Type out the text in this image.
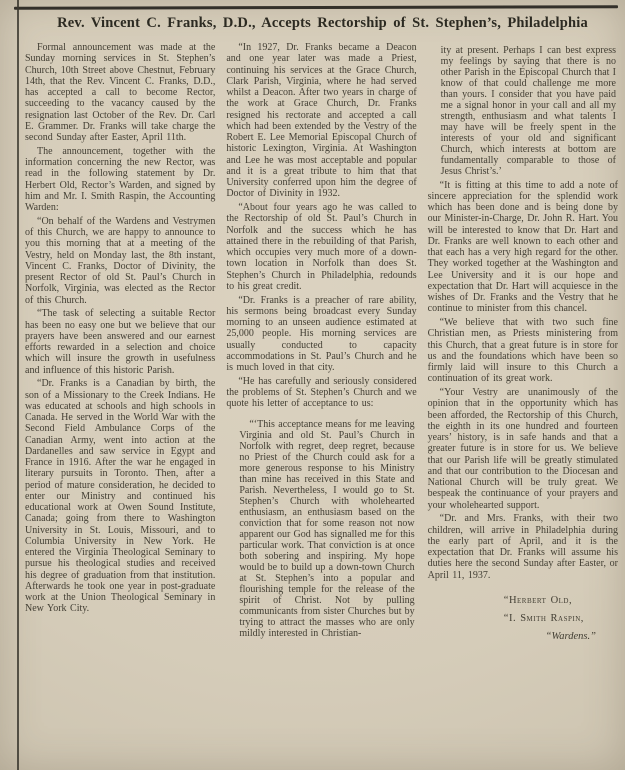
Rev. Vincent C. Franks, D.D., Accepts Rectorship of St. Stephen’s, Philadelphia

Formal announcement was made at the Sunday morning services in St. Stephen’s Church, 10th Street above Chestnut, February 14th, that the Rev. Vincent C. Franks, D.D., has accepted a call to become Rector, succeeding to the vacancy caused by the resignation last October of the Rev. Dr. Carl E. Grammer. Dr. Franks will take charge the second Sunday after Easter, April 11th.

The announcement, together with the information concerning the new Rector, was read in the following statement by Dr. Herbert Old, Rector’s Warden, and signed by him and Mr. I. Smith Raspin, the Accounting Warden:

“On behalf of the Wardens and Vestrymen of this Church, we are happy to announce to you this morning that at a meeting of the Vestry, held on Monday last, the 8th instant, Vincent C. Franks, Doctor of Divinity, the present Rector of old St. Paul’s Church in Norfolk, Virginia, was elected as the Rector of this Church.

“The task of selecting a suitable Rector has been no easy one but we believe that our prayers have been answered and our earnest efforts rewarded in a selection and choice which will insure the growth in usefulness and influence of this historic Parish.

“Dr. Franks is a Canadian by birth, the son of a Missionary to the Creek Indians. He was educated at schools and high schools in Canada. He served in the World War with the Second Field Ambulance Corps of the Canadian Army, went into action at the Dardanelles and saw service in Egypt and France in 1916. After the war he engaged in literary pursuits in Toronto. Then, after a period of mature consideration, he decided to enter our Ministry and continued his educational work at Owen Sound Institute, Canada; going from there to Washington University in St. Louis, Missouri, and to Columbia University in New York. He entered the Virginia Theological Seminary to pursue his theological studies and received his degree of graduation from that institution. Afterwards he took one year in post-graduate work at the Union Theological Seminary in New York City.

“In 1927, Dr. Franks became a Deacon and one year later was made a Priest, continuing his services at the Grace Church, Clark Parish, Virginia, where he had served whilst a Deacon. After two years in charge of the work at Grace Church, Dr. Franks resigned his rectorate and accepted a call which had been extended by the Vestry of the Robert E. Lee Memorial Episcopal Church of historic Lexington, Virginia. At Washington and Lee he was most acceptable and popular and it is a great tribute to him that that University conferred upon him the degree of Doctor of Divinity in 1932.

“About four years ago he was called to the Rectorship of old St. Paul’s Church in Norfolk and the success which he has attained there in the rebuilding of that Parish, which occupies very much more of a down-town location in Norfolk than does St. Stephen’s Church in Philadelphia, redounds to his great credit.

“Dr. Franks is a preacher of rare ability, his sermons being broadcast every Sunday morning to an unseen audience estimated at 25,000 people. His morning services are usually conducted to capacity accommodations in St. Paul’s Church and he is much loved in that city.

“He has carefully and seriously considered the problems of St. Stephen’s Church and we quote his letter of acceptance to us:

“‘This acceptance means for me leaving Virginia and old St. Paul’s Church in Norfolk with regret, deep regret, because no Priest of the Church could ask for a more generous response to his Ministry than mine has received in this State and Parish. Nevertheless, I would go to St. Stephen’s Church with wholehearted enthusiasm, an enthusiasm based on the conviction that for some reason not now apparent our God has signalled me for this particular work. That conviction is at once both sobering and inspiring. My hope would be to build up a down-town Church at St. Stephen’s into a popular and flourishing temple for the release of the spirit of Christ. Not by pulling communicants from sister Churches but by trying to attract the masses who are only mildly interested in Christian-

ity at present. Perhaps I can best express my feelings by saying that there is no other Parish in the Episcopal Church that I know of that could challenge me more than yours. I consider that you have paid me a signal honor in your call and all my strength, enthusiasm and what talents I may have will be freely spent in the interests of your old and significant Church, which interests at bottom are fundamentally comparable to those of Jesus Christ’s.’

“It is fitting at this time to add a note of sincere appreciation for the splendid work which has been done and is being done by our Minister-in-Charge, Dr. John R. Hart. You will be interested to know that Dr. Hart and Dr. Franks are well known to each other and that each has a very high regard for the other. They worked together at the Washington and Lee University and it is our hope and expectation that Dr. Hart will acquiesce in the wishes of Dr. Franks and the Vestry that he continue to minister from this chancel.

“We believe that with two such fine Christian men, as Priests ministering from this Church, that a great future is in store for us and the foundations which have been so firmly laid will insure to this Church a continuation of its great work.

“Your Vestry are unanimously of the opinion that in the opportunity which has been afforded, the Rectorship of this Church, the eighth in its one hundred and fourteen years’ history, is in safe hands and that a greater future is in store for us. We believe that our Parish life will be greatly stimulated and that our contribution to the Diocesan and National Church will be truly great. We bespeak the continuance of your prayers and your wholehearted support.

“Dr. and Mrs. Franks, with their two children, will arrive in Philadelphia during the early part of April, and it is the expectation that Dr. Franks will assume his duties here the second Sunday after Easter, or April 11, 1937.

“Herbert Old,

“I. Smith Raspin,

“Wardens.”
